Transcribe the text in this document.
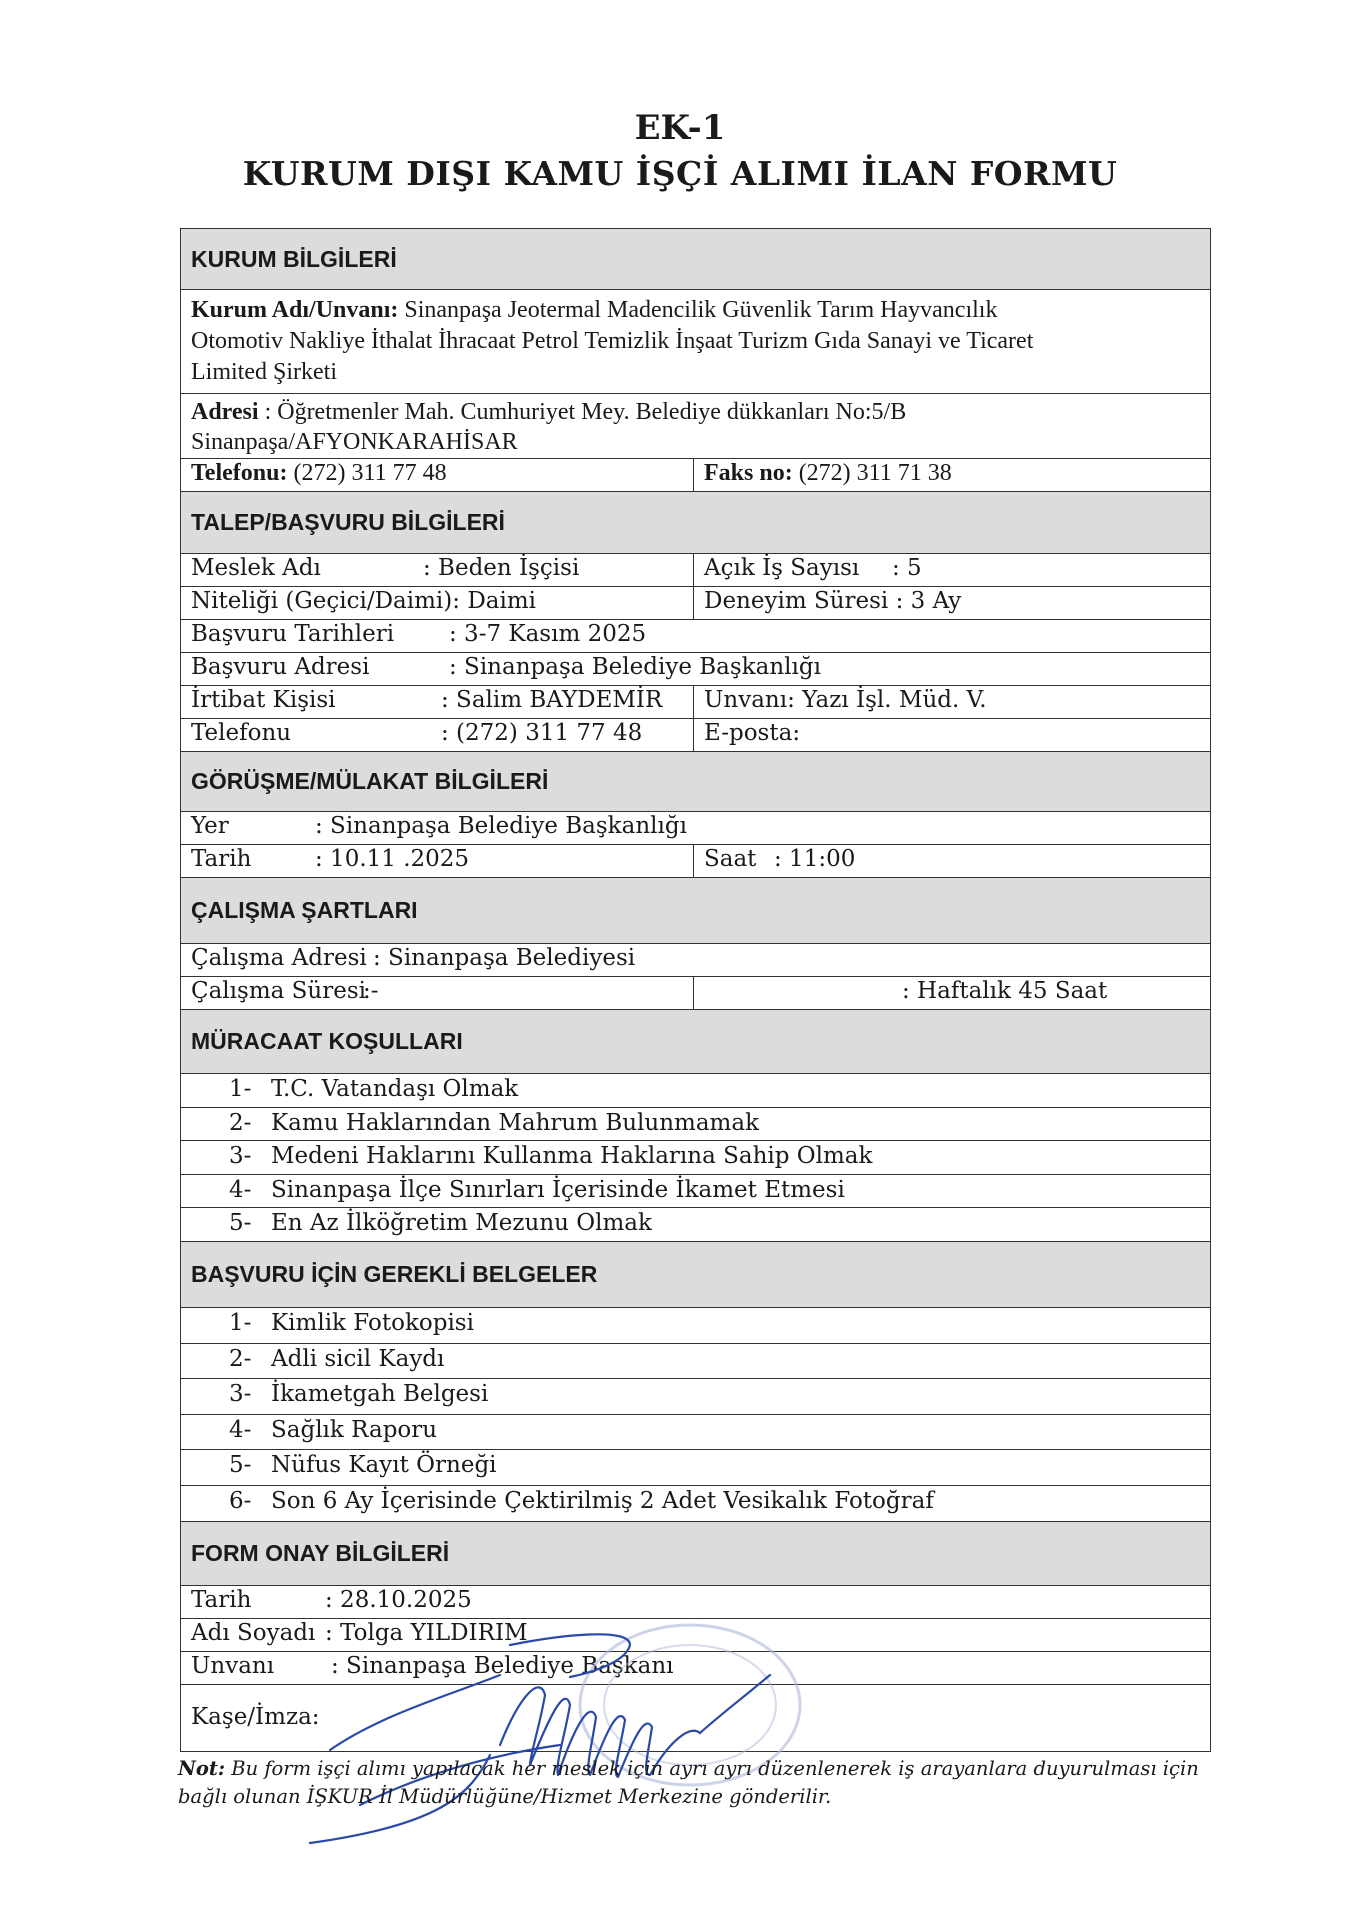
EK-1
KURUM DIŞI KAMU İŞÇİ ALIMI İLAN FORMU
KURUM BİLGİLERİ
Kurum Adı/Unvanı: Sinanpaşa Jeotermal Madencilik Güvenlik Tarım Hayvancılık
Otomotiv Nakliye İthalat İhracaat Petrol Temizlik İnşaat Turizm Gıda Sanayi ve Ticaret
Limited Şirketi
Adresi : Öğretmenler Mah. Cumhuriyet Mey. Belediye dükkanları No:5/B
Sinanpaşa/AFYONKARAHİSAR
Telefonu: (272) 311 77 48	Faks no: (272) 311 71 38
TALEP/BAŞVURU BİLGİLERİ
Meslek Adı	: Beden İşçisi	Açık İş Sayısı : 5
Niteliği (Geçici/Daimi): Daimi	Deneyim Süresi : 3 Ay
Başvuru Tarihleri : 3-7 Kasım 2025
Başvuru Adresi	: Sinanpaşa Belediye Başkanlığı
İrtibat Kişisi	: Salim BAYDEMİR	Unvanı: Yazı İşl. Müd. V.
Telefonu	: (272) 311 77 48	E-posta:
GÖRÜŞME/MÜLAKAT BİLGİLERİ
Yer	: Sinanpaşa Belediye Başkanlığı
Tarih	: 10.11 .2025	Saat : 11:00
ÇALIŞMA ŞARTLARI
Çalışma Adresi : Sinanpaşa Belediyesi
Çalışma Süresi:-	: Haftalık 45 Saat
MÜRACAAT KOŞULLARI
1- T.C. Vatandaşı Olmak
2- Kamu Haklarından Mahrum Bulunmamak
3- Medeni Haklarını Kullanma Haklarına Sahip Olmak
4- Sinanpaşa İlçe Sınırları İçerisinde İkamet Etmesi
5- En Az İlköğretim Mezunu Olmak
BAŞVURU İÇİN GEREKLİ BELGELER
1- Kimlik Fotokopisi
2- Adli sicil Kaydı
3- İkametgah Belgesi
4- Sağlık Raporu
5- Nüfus Kayıt Örneği
6- Son 6 Ay İçerisinde Çektirilmiş 2 Adet Vesikalık Fotoğraf
FORM ONAY BİLGİLERİ
Tarih	: 28.10.2025
Adı Soyadı : Tolga YILDIRIM
Unvanı : Sinanpaşa Belediye Başkanı
Kaşe/İmza:
Not: Bu form işçi alımı yapılacak her meslek için ayrı ayrı düzenlenerek iş arayanlara duyurulması için bağlı olunan İŞKUR İl Müdürlüğüne/Hizmet Merkezine gönderilir.
